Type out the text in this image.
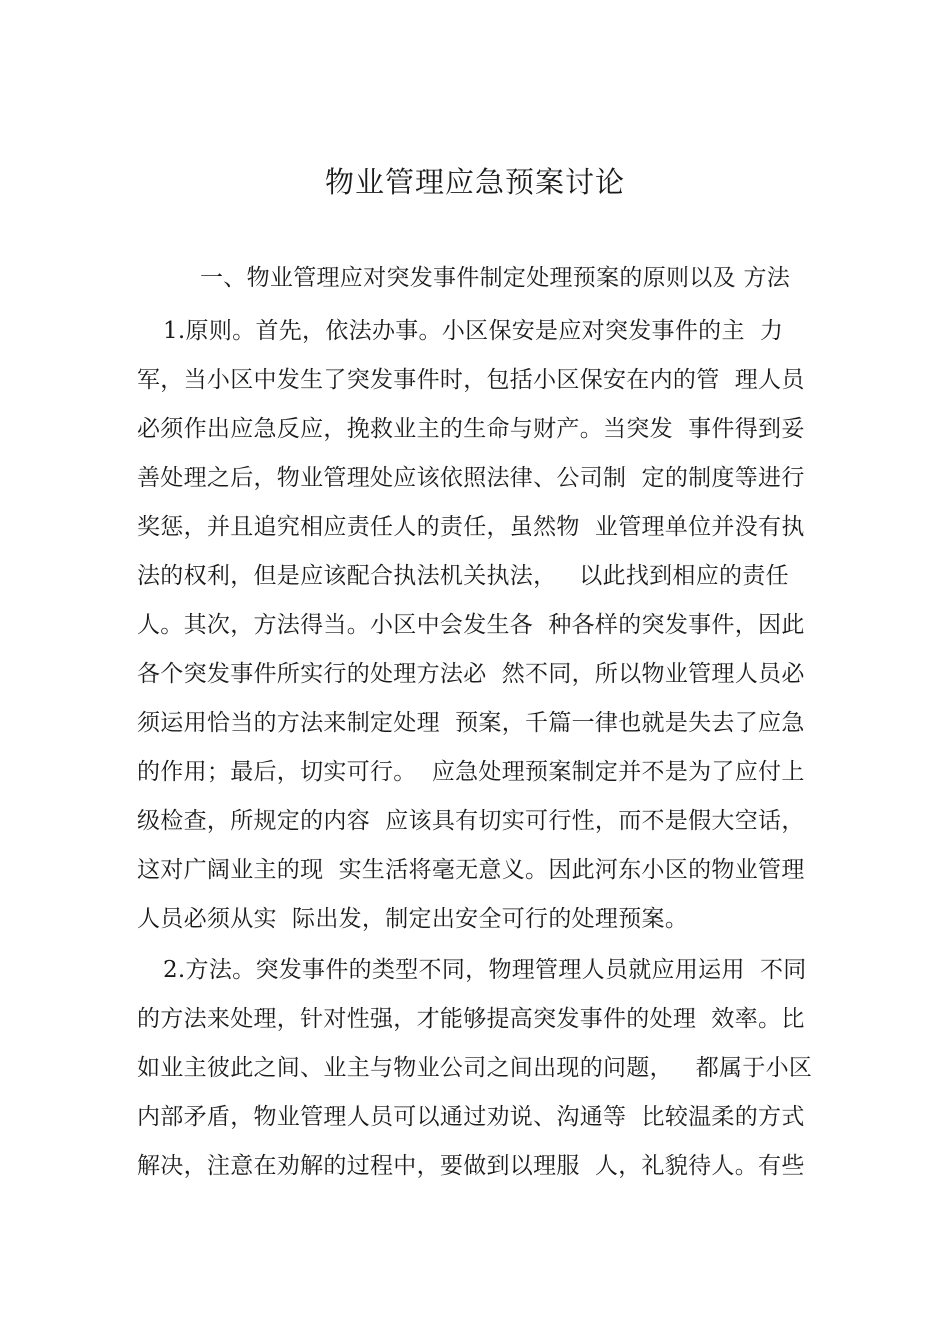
物业管理应急预案讨论
一、物业管理应对突发事件制定处理预案的原则以及 方法
1.原则。首先，依法办事。小区保安是应对突发事件的主  力
军，当小区中发生了突发事件时，包括小区保安在内的管  理人员
必须作出应急反应，挽救业主的生命与财产。当突发  事件得到妥
善处理之后，物业管理处应该依照法律、公司制  定的制度等进行
奖惩，并且追究相应责任人的责任，虽然物  业管理单位并没有执
法的权利，但是应该配合执法机关执法，   以此找到相应的责任
人。其次，方法得当。小区中会发生各  种各样的突发事件，因此
各个突发事件所实行的处理方法必  然不同，所以物业管理人员必
须运用恰当的方法来制定处理  预案，千篇一律也就是失去了应急
的作用；最后，切实可行。  应急处理预案制定并不是为了应付上
级检查，所规定的内容  应该具有切实可行性，而不是假大空话，
这对广阔业主的现  实生活将毫无意义。因此河东小区的物业管理
人员必须从实  际出发，制定出安全可行的处理预案。
2.方法。突发事件的类型不同，物理管理人员就应用运用  不同
的方法来处理，针对性强，才能够提高突发事件的处理  效率。比
如业主彼此之间、业主与物业公司之间出现的问题，   都属于小区
内部矛盾，物业管理人员可以通过劝说、沟通等  比较温柔的方式
解决，注意在劝解的过程中，要做到以理服  人，礼貌待人。有些
